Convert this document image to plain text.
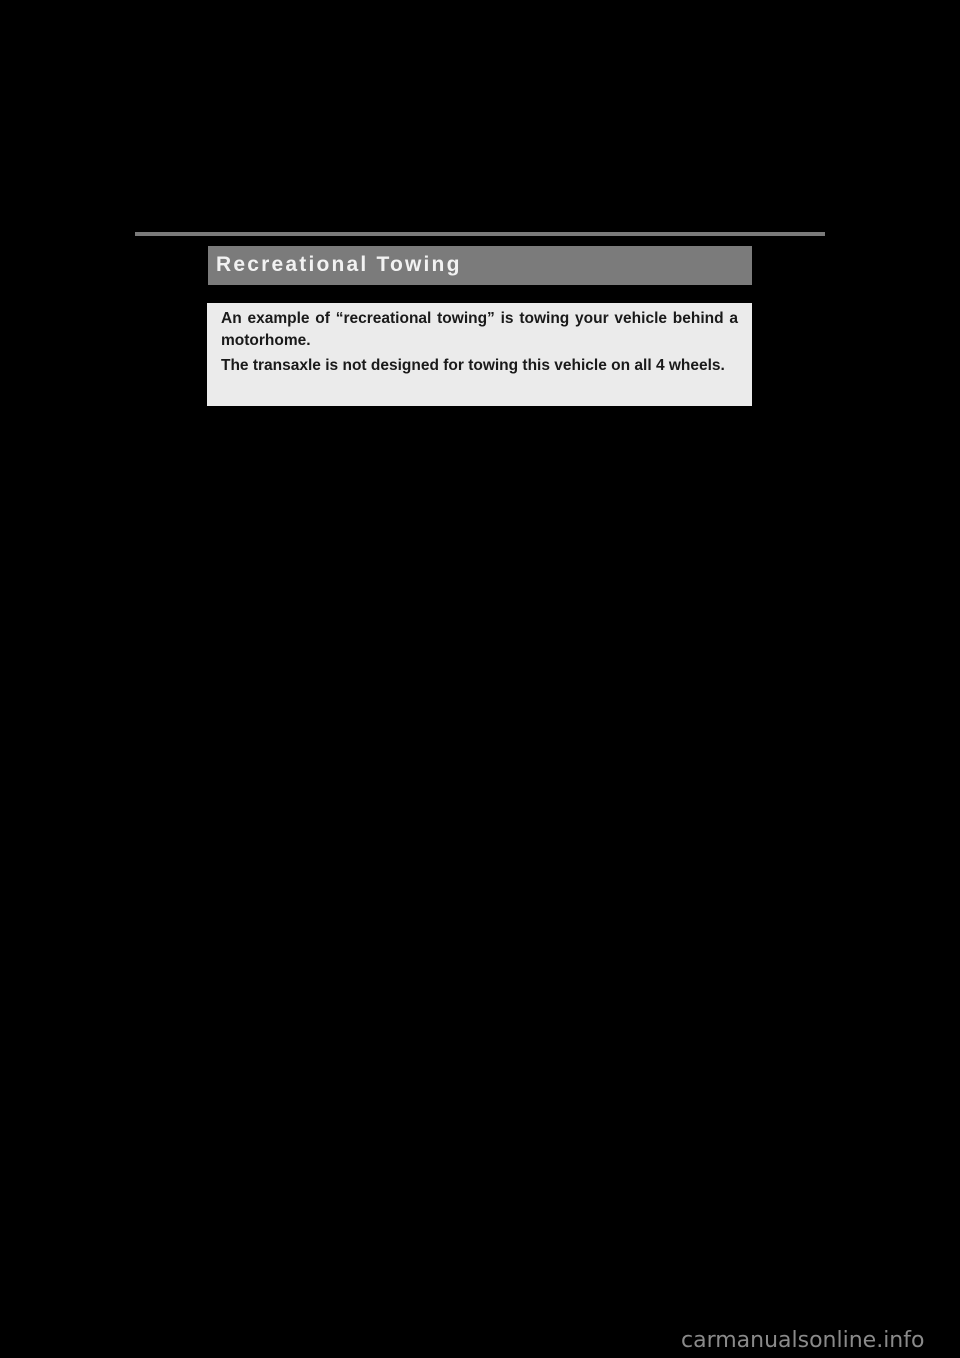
Recreational Towing

An example of “recreational towing” is towing your vehicle behind a motorhome.

The transaxle is not designed for towing this vehicle on all 4 wheels.

carmanualsonline.info
